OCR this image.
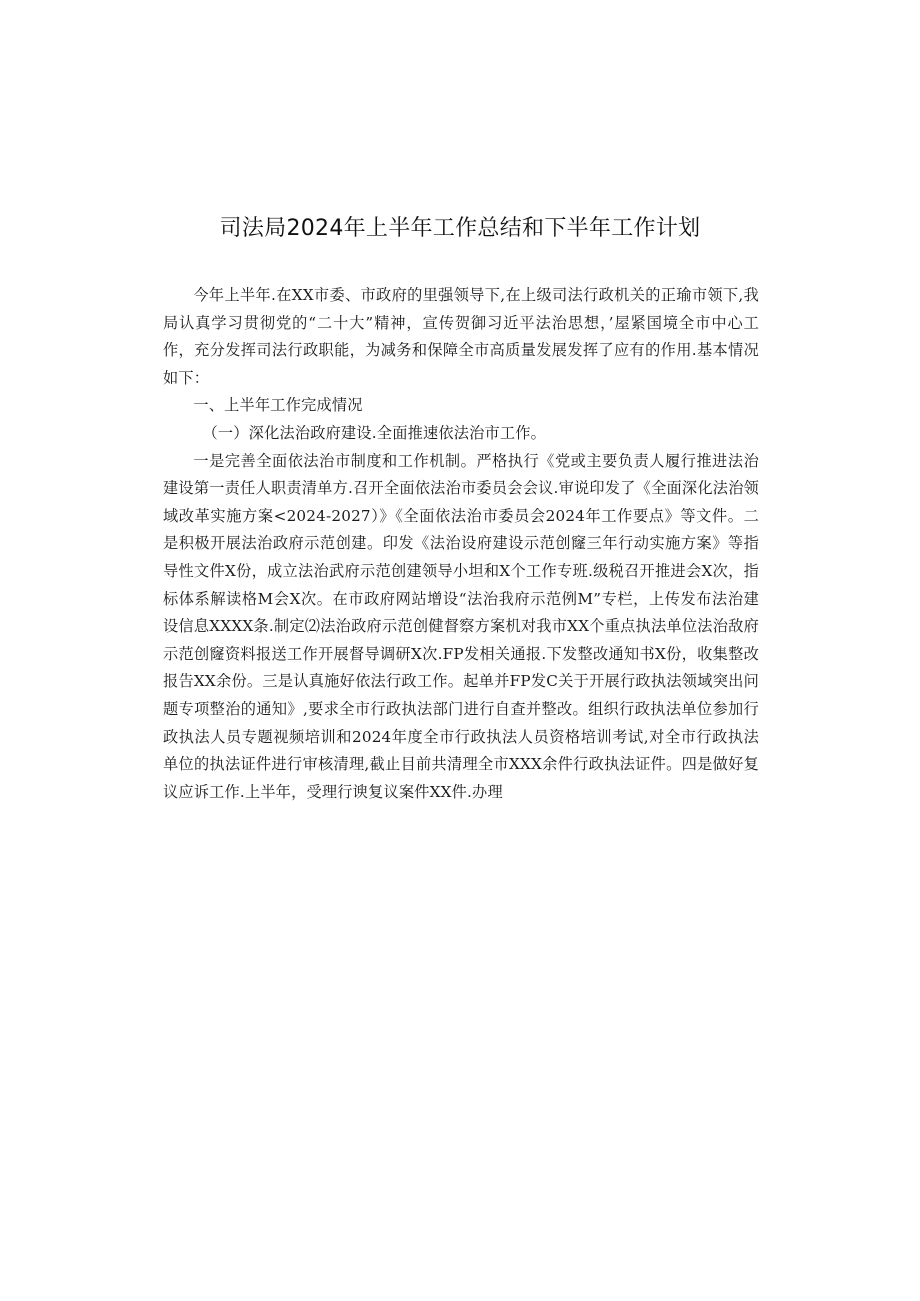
司法局2024年上半年工作总结和下半年工作计划

今年上半年.在XX市委、市政府的里强领导下,在上级司法行政机关的正瑜市领下,我局认真学习贯彻党的“二十大”精神，宣传贺御习近平法治思想，’屋紧国境全市中心工作，充分发挥司法行政职能，为减务和保障全市高质量发展发挥了应有的作用.基本情况如下：

一、上半年工作完成情况

（一）深化法治政府建设.全面推速依法治市工作。

一是完善全面依法治市制度和工作机制。严格执行《党或主要负责人履行推进法治建设第一责任人职责清单方.召开全面依法治市委员会会议.审说印发了《全面深化法治领域改革实施方案<2024-2027）》《全面依法治市委员会2024年工作要点》等文件。二是积极开展法治政府示范创建。印发《法治设府建设示范创窿三年行动实施方案》等指导性文件X份，成立法治武府示范创建领导小坦和X个工作专班.级税召开推进会X次，指标体系解读格M会X次。在市政府网站增设“法治我府示范例M”专栏，上传发布法治建设信息XXXX条.制定⑵法治政府示范创健督察方案机对我市XX个重点执法单位法治敌府示范创窿资料报送工作开展督导调研X次.FP发相关通报.下发整改通知书X份，收集整改报告XX余份。三是认真施好依法行政工作。起单并FP发C关于开展行政执法领域突出问题专项整治的通知》,要求全市行政执法部门进行自查并整改。组织行政执法单位参加行政执法人员专题视频培训和2024年度全市行政执法人员资格培训考试,对全市行政执法单位的执法证件进行审核清理,截止目前共清理全市XXX余件行政执法证件。四是做好复议应诉工作.上半年，受理行谀复议案件XX件.办理
